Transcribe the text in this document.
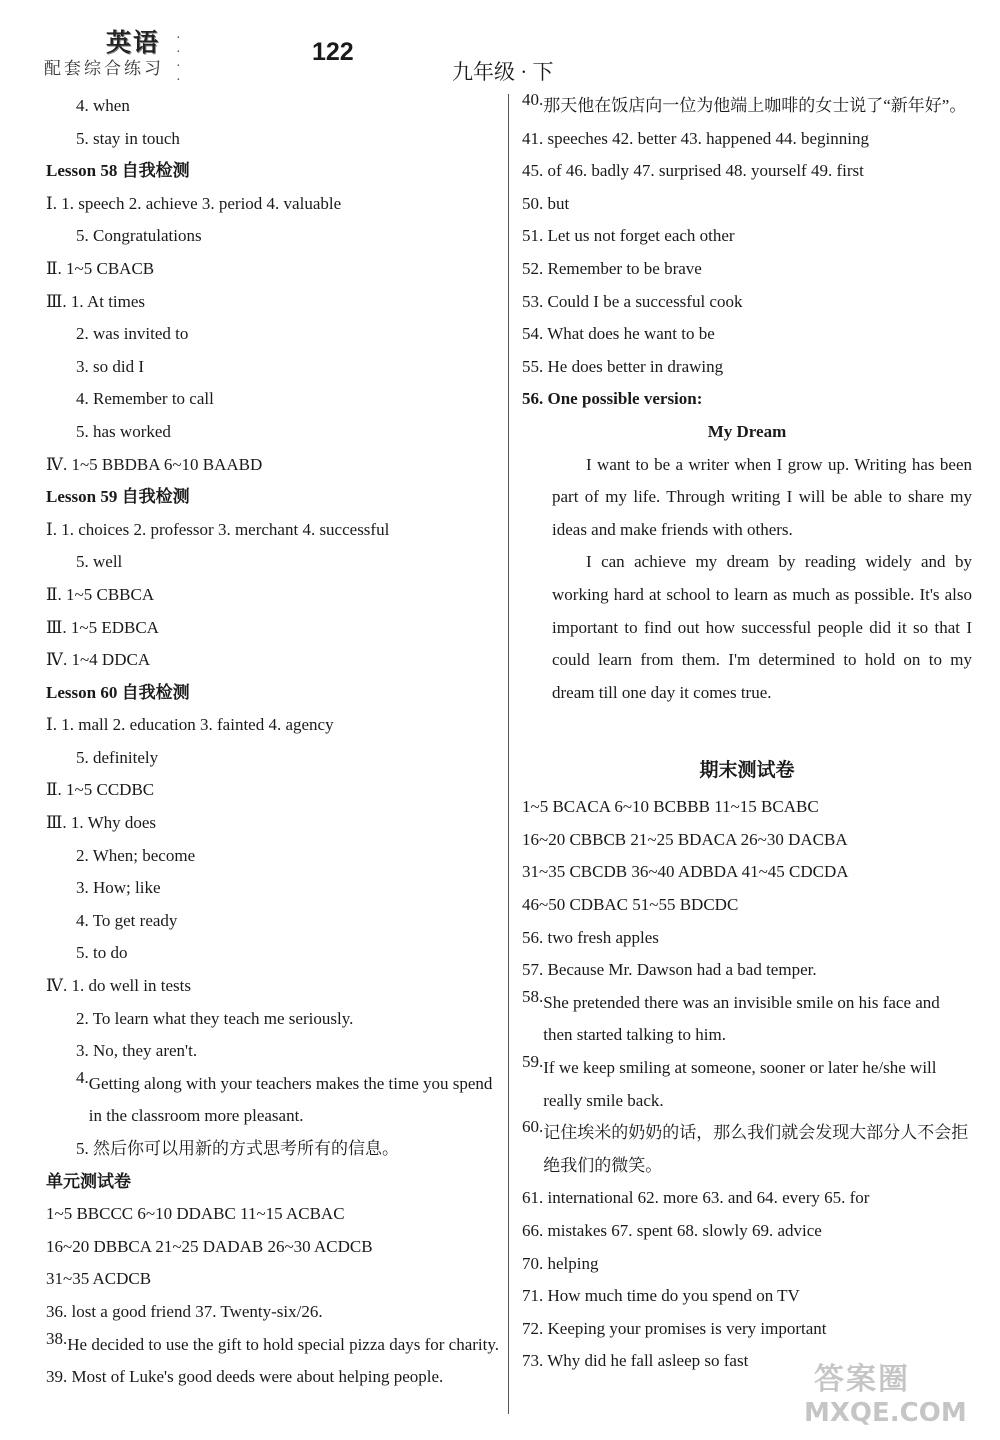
英语
配套综合练习
·
·
·
·
122
九年级 · 下
4. when
5. stay in touch
Lesson 58 自我检测
Ⅰ. 1. speech 2. achieve 3. period 4. valuable
5. Congratulations
Ⅱ. 1~5 CBACB
Ⅲ. 1. At times
2. was invited to
3. so did I
4. Remember to call
5. has worked
Ⅳ. 1~5 BBDBA 6~10 BAABD
Lesson 59 自我检测
Ⅰ. 1. choices 2. professor 3. merchant 4. successful
5. well
Ⅱ. 1~5 CBBCA
Ⅲ. 1~5 EDBCA
Ⅳ. 1~4 DDCA
Lesson 60 自我检测
Ⅰ. 1. mall 2. education 3. fainted 4. agency
5. definitely
Ⅱ. 1~5 CCDBC
Ⅲ. 1. Why does
2. When; become
3. How; like
4. To get ready
5. to do
Ⅳ. 1. do well in tests
2. To learn what they teach me seriously.
3. No, they aren't.
4. Getting along with your teachers makes the time you spend in the classroom more pleasant.
5. 然后你可以用新的方式思考所有的信息。
单元测试卷
1~5 BBCCC 6~10 DDABC 11~15 ACBAC
16~20 DBBCA 21~25 DADAB 26~30 ACDCB
31~35 ACDCB
36. lost a good friend 37. Twenty-six/26.
38. He decided to use the gift to hold special pizza days for charity.
39. Most of Luke's good deeds were about helping people.
40. 那天他在饭店向一位为他端上咖啡的女士说了“新年好”。
41. speeches 42. better 43. happened 44. beginning
45. of 46. badly 47. surprised 48. yourself 49. first
50. but
51. Let us not forget each other
52. Remember to be brave
53. Could I be a successful cook
54. What does he want to be
55. He does better in drawing
56. One possible version:
My Dream
I want to be a writer when I grow up. Writing has been part of my life. Through writing I will be able to share my ideas and make friends with others.
I can achieve my dream by reading widely and by working hard at school to learn as much as possible. It's also important to find out how successful people did it so that I could learn from them. I'm determined to hold on to my dream till one day it comes true.
期末测试卷
1~5 BCACA 6~10 BCBBB 11~15 BCABC
16~20 CBBCB 21~25 BDACA 26~30 DACBA
31~35 CBCDB 36~40 ADBDA 41~45 CDCDA
46~50 CDBAC 51~55 BDCDC
56. two fresh apples
57. Because Mr. Dawson had a bad temper.
58. She pretended there was an invisible smile on his face and then started talking to him.
59. If we keep smiling at someone, sooner or later he/she will really smile back.
60. 记住埃米的奶奶的话，那么我们就会发现大部分人不会拒绝我们的微笑。
61. international 62. more 63. and 64. every 65. for
66. mistakes 67. spent 68. slowly 69. advice
70. helping
71. How much time do you spend on TV
72. Keeping your promises is very important
73. Why did he fall asleep so fast
答案圈
MXQE.COM
